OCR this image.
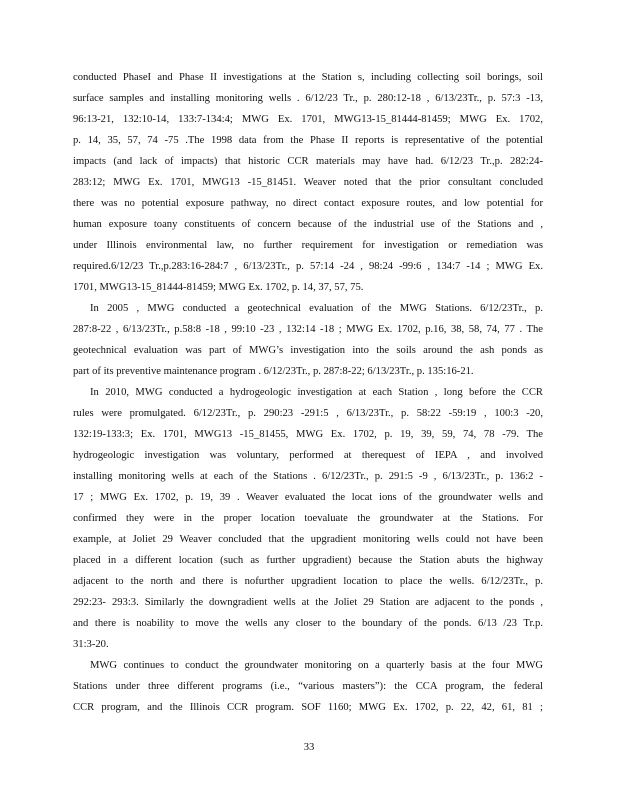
conducted PhaseI and Phase II investigations at the Station s, including collecting soil borings, soil
surface samples and installing monitoring wells . 6/12/23 Tr., p. 280:12-18 , 6/13/23Tr., p. 57:3 -13,
96:13-21, 132:10-14, 133:7-134:4; MWG Ex. 1701, MWG13-15_81444-81459; MWG Ex. 1702,
p. 14, 35, 57, 74 -75 .The 1998 data from the Phase II reports is representative of the potential
impacts (and lack of impacts) that historic CCR materials may have had. 6/12/23 Tr.,p. 282:24-
283:12; MWG Ex. 1701, MWG13 -15_81451. Weaver noted that the prior consultant concluded
there was no potential exposure pathway, no direct contact exposure routes, and low potential for
human exposure toany constituents of concern because of the industrial use of the Stations and ,
under Illinois environmental law, no further requirement for investigation or remediation was
required.6/12/23 Tr.,p.283:16-284:7 , 6/13/23Tr., p. 57:14 -24 , 98:24 -99:6 , 134:7 -14 ; MWG Ex.
1701, MWG13-15_81444-81459; MWG Ex. 1702, p. 14, 37, 57, 75.
In 2005 , MWG conducted a geotechnical evaluation of the MWG Stations. 6/12/23Tr., p.
287:8-22 , 6/13/23Tr., p.58:8 -18 , 99:10 -23 , 132:14 -18 ; MWG Ex. 1702, p.16, 38, 58, 74, 77 . The
geotechnical evaluation was part of MWG’s investigation into the soils around the ash ponds as
part of its preventive maintenance program . 6/12/23Tr., p. 287:8-22; 6/13/23Tr., p. 135:16-21.
In 2010, MWG conducted a hydrogeologic investigation at each Station , long before the CCR
rules were promulgated. 6/12/23Tr., p. 290:23 -291:5 , 6/13/23Tr., p. 58:22 -59:19 , 100:3 -20,
132:19-133:3; Ex. 1701, MWG13 -15_81455, MWG Ex. 1702, p. 19, 39, 59, 74, 78 -79. The
hydrogeologic investigation was voluntary, performed at therequest of IEPA , and involved
installing monitoring wells at each of the Stations . 6/12/23Tr., p. 291:5 -9 , 6/13/23Tr., p. 136:2 -
17 ; MWG Ex. 1702, p. 19, 39 . Weaver evaluated the locat ions of the groundwater wells and
confirmed they were in the proper location toevaluate the groundwater at the Stations. For
example, at Joliet 29 Weaver concluded that the upgradient monitoring wells could not have been
placed in a different location (such as further upgradient) because the Station abuts the highway
adjacent to the north and there is nofurther upgradient location to place the wells. 6/12/23Tr., p.
292:23- 293:3. Similarly the downgradient wells at the Joliet 29 Station are adjacent to the ponds ,
and there is noability to move the wells any closer to the boundary of the ponds. 6/13 /23 Tr.p.
31:3-20.
MWG continues to conduct the groundwater monitoring on a quarterly basis at the four MWG
Stations under three different programs (i.e., “various masters”): the CCA program, the federal
CCR program, and the Illinois CCR program. SOF 1160; MWG Ex. 1702, p. 22, 42, 61, 81 ;
33
